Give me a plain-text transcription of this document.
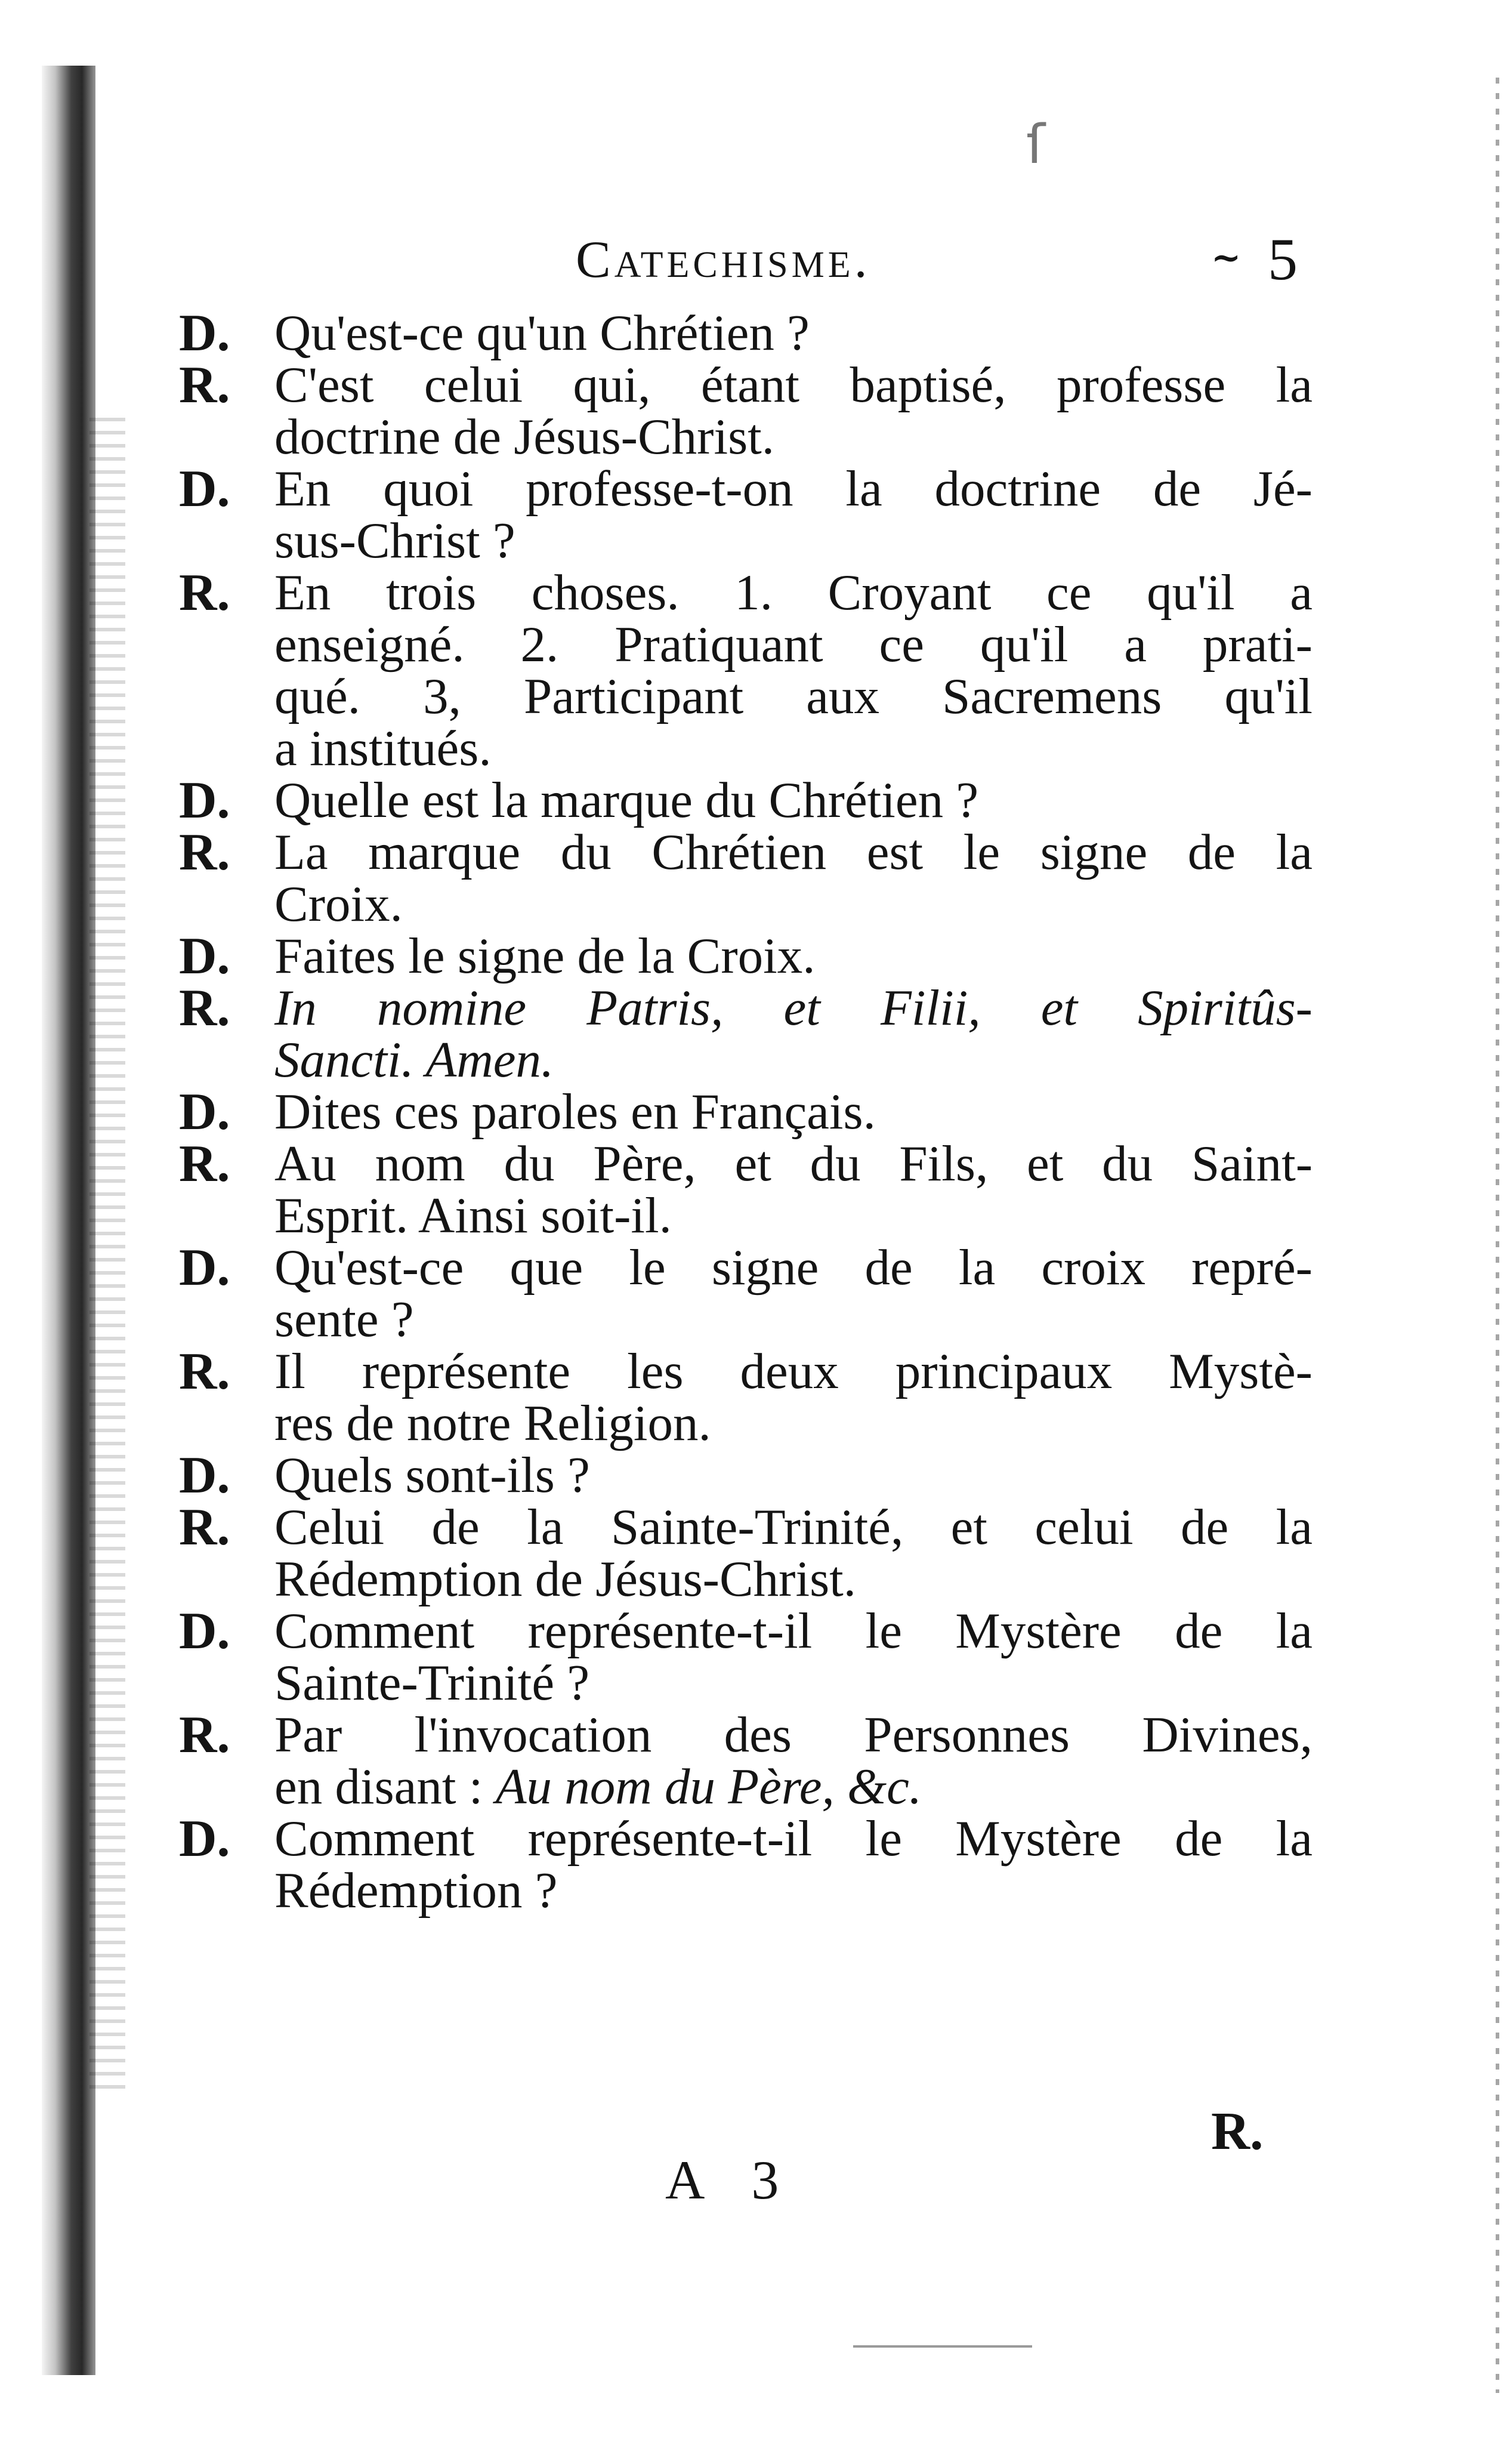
ſ
Catechisme.	~ 5
D. Qu'est-ce qu'un Chrétien ?
R. C'est celui qui, étant baptisé, professe la
doctrine de Jésus-Christ.
D. En quoi professe-t-on la doctrine de Jé-
sus-Christ ?
R. En trois choses. 1. Croyant ce qu'il a
enseigné. 2. Pratiquant ce qu'il a prati-
qué. 3, Participant aux Sacremens qu'il
a institués.
D. Quelle est la marque du Chrétien ?
R. La marque du Chrétien est le signe de la
Croix.
D. Faites le signe de la Croix.
R. In nomine Patris, et Filii, et Spiritûs-
Sancti. Amen.
D. Dites ces paroles en Français.
R. Au nom du Père, et du Fils, et du Saint-
Esprit. Ainsi soit-il.
D. Qu'est-ce que le signe de la croix repré-
sente ?
R. Il représente les deux principaux Mystè-
res de notre Religion.
D. Quels sont-ils ?
R. Celui de la Sainte-Trinité, et celui de la
Rédemption de Jésus-Christ.
D. Comment représente-t-il le Mystère de la
Sainte-Trinité ?
R. Par l'invocation des Personnes Divines,
en disant : Au nom du Père, &c.
D. Comment représente-t-il le Mystère de la
Rédemption ?
R.
A 3
